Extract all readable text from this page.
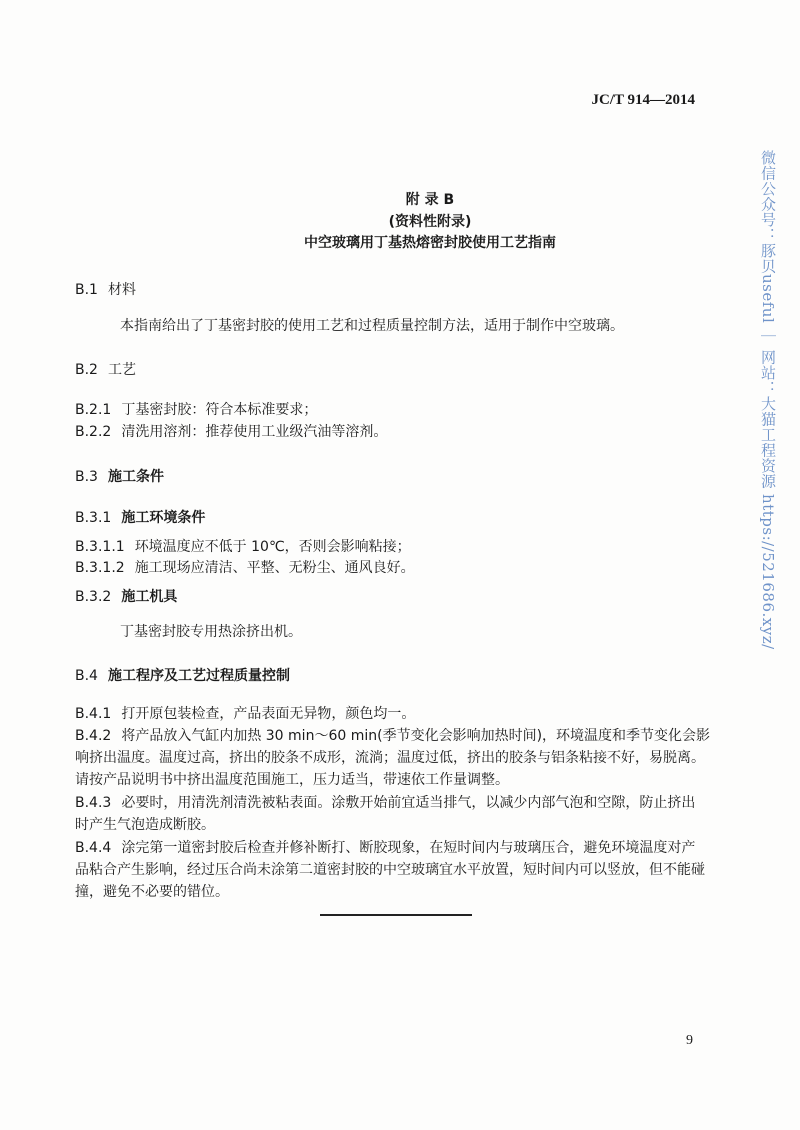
JC/T 914—2014
附 录 B
(资料性附录)
中空玻璃用丁基热熔密封胶使用工艺指南
B.1 材料
B.2 工艺
B.2.1 丁基密封胶：符合本标准要求；
B.2.2 清洗用溶剂：推荐使用工业级汽油等溶剂。
B.3 施工条件
B.3.1 施工环境条件
B.3.1.1 环境温度应不低于 10℃，否则会影响粘接；
B.3.1.2 施工现场应清洁、平整、无粉尘、通风良好。
B.3.2 施工机具
B.4 施工程序及工艺过程质量控制
B.4.1 打开原包装检查，产品表面无异物，颜色均一。
B.4.2 将产品放入气缸内加热 30 min～60 min(季节变化会影响加热时间)，环境温度和季节变化会影
B.4.3 必要时，用清洗剂清洗被粘表面。涂敷开始前宜适当排气，以减少内部气泡和空隙，防止挤出
B.4.4 涂完第一道密封胶后检查并修补断打、断胶现象，在短时间内与玻璃压合，避免环境温度对产
本指南给出了丁基密封胶的使用工艺和过程质量控制方法，适用于制作中空玻璃。
丁基密封胶专用热涂挤出机。
响挤出温度。温度过高，挤出的胶条不成形，流淌；温度过低，挤出的胶条与铝条粘接不好，易脱离。
请按产品说明书中挤出温度范围施工，压力适当，带速依工作量调整。
时产生气泡造成断胶。
品粘合产生影响，经过压合尚未涂第二道密封胶的中空玻璃宜水平放置，短时间内可以竖放，但不能碰
撞，避免不必要的错位。
9
微信公众号：豚贝useful ｜ 网站：大猫工程资源 https://521686.xyz/
